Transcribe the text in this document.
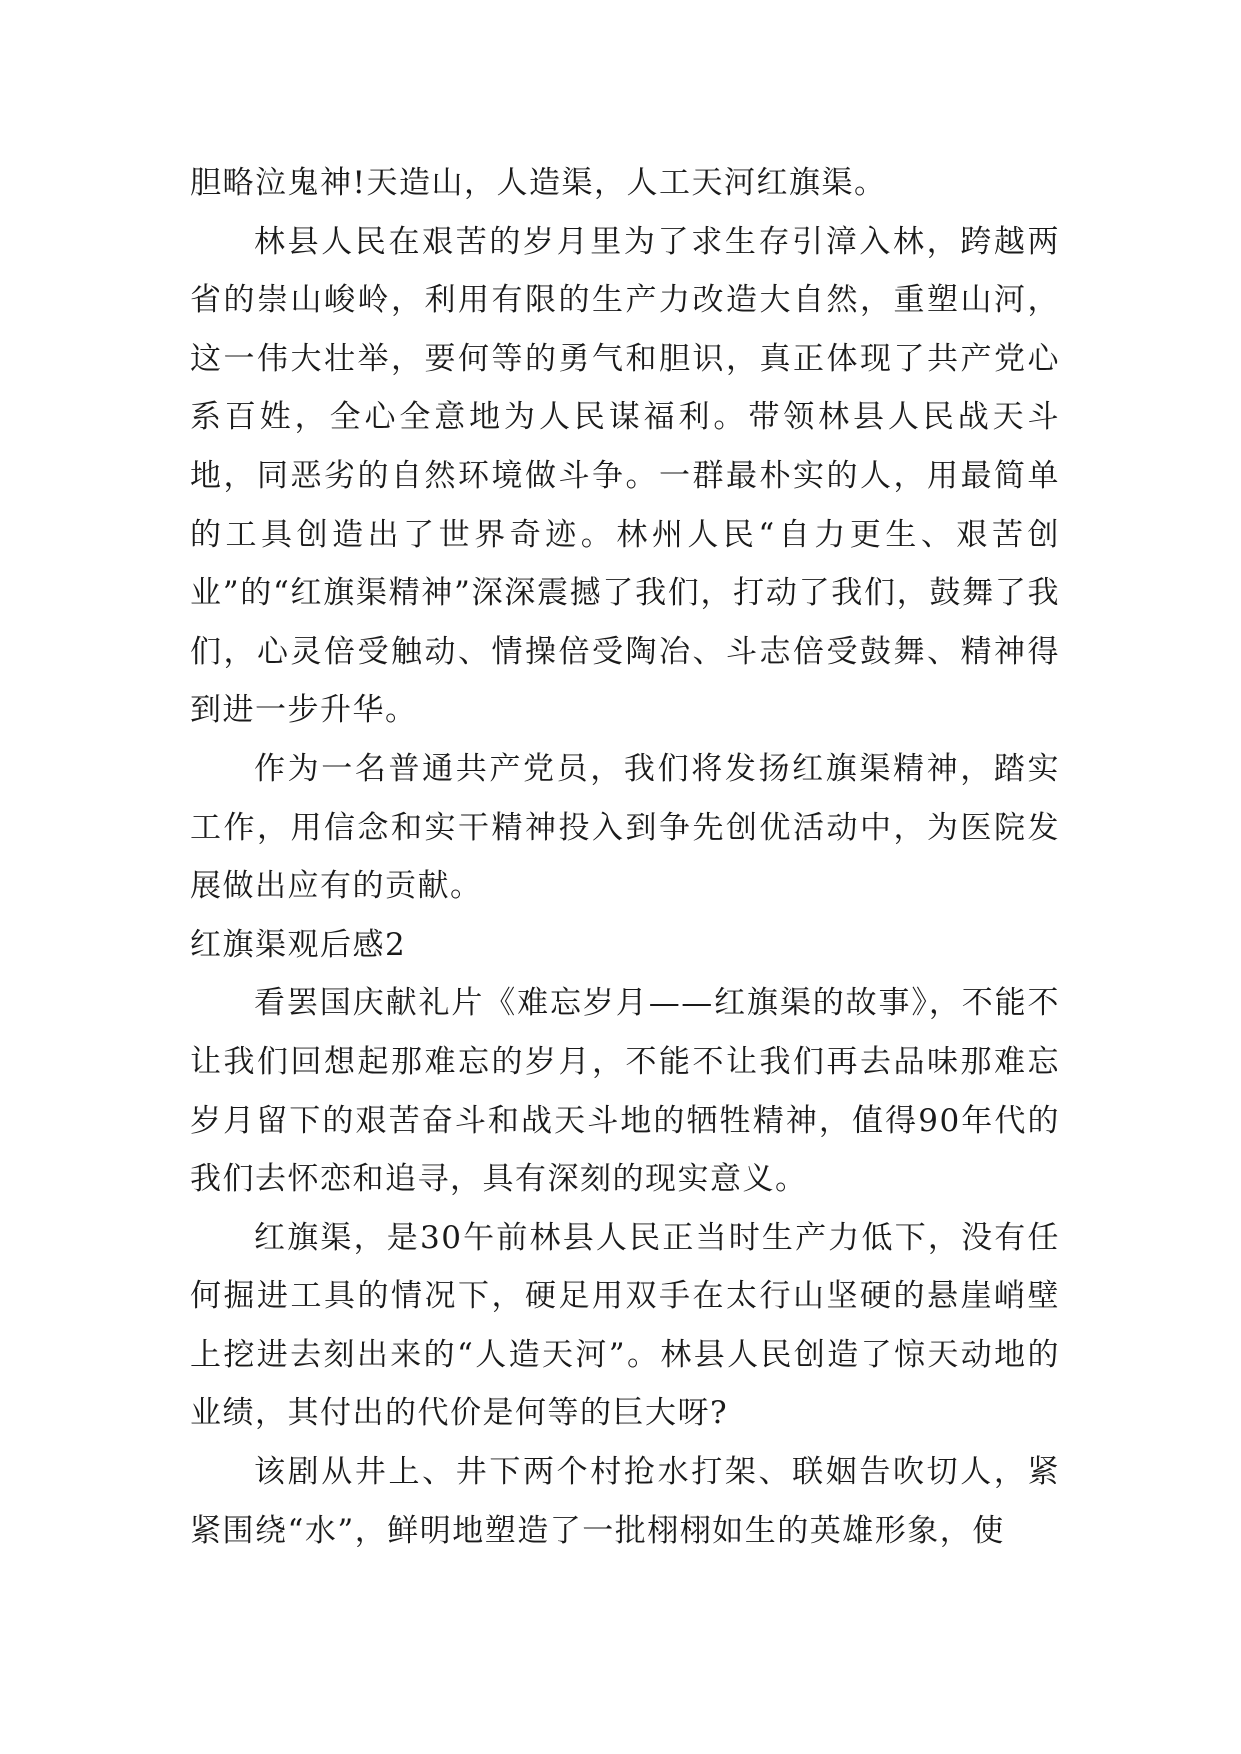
胆略泣鬼神!天造山，人造渠，人工天河红旗渠。

林县人民在艰苦的岁月里为了求生存引漳入林，跨越两省的崇山峻岭，利用有限的生产力改造大自然，重塑山河，这一伟大壮举，要何等的勇气和胆识，真正体现了共产党心系百姓，全心全意地为人民谋福利。带领林县人民战天斗地，同恶劣的自然环境做斗争。一群最朴实的人，用最简单的工具创造出了世界奇迹。林州人民“自力更生、艰苦创业”的“红旗渠精神”深深震撼了我们，打动了我们，鼓舞了我们，心灵倍受触动、情操倍受陶冶、斗志倍受鼓舞、精神得到进一步升华。

作为一名普通共产党员，我们将发扬红旗渠精神，踏实工作，用信念和实干精神投入到争先创优活动中，为医院发展做出应有的贡献。

红旗渠观后感2

看罢国庆献礼片《难忘岁月——红旗渠的故事》，不能不让我们回想起那难忘的岁月，不能不让我们再去品味那难忘岁月留下的艰苦奋斗和战天斗地的牺牲精神，值得90年代的我们去怀恋和追寻，具有深刻的现实意义。

红旗渠，是30午前林县人民正当时生产力低下，没有任何掘进工具的情况下，硬足用双手在太行山坚硬的悬崖峭壁上挖进去刻出来的“人造天河”。林县人民创造了惊天动地的业绩，其付出的代价是何等的巨大呀?

该剧从井上、井下两个村抢水打架、联姻告吹切人，紧紧围绕“水”，鲜明地塑造了一批栩栩如生的英雄形象，使
